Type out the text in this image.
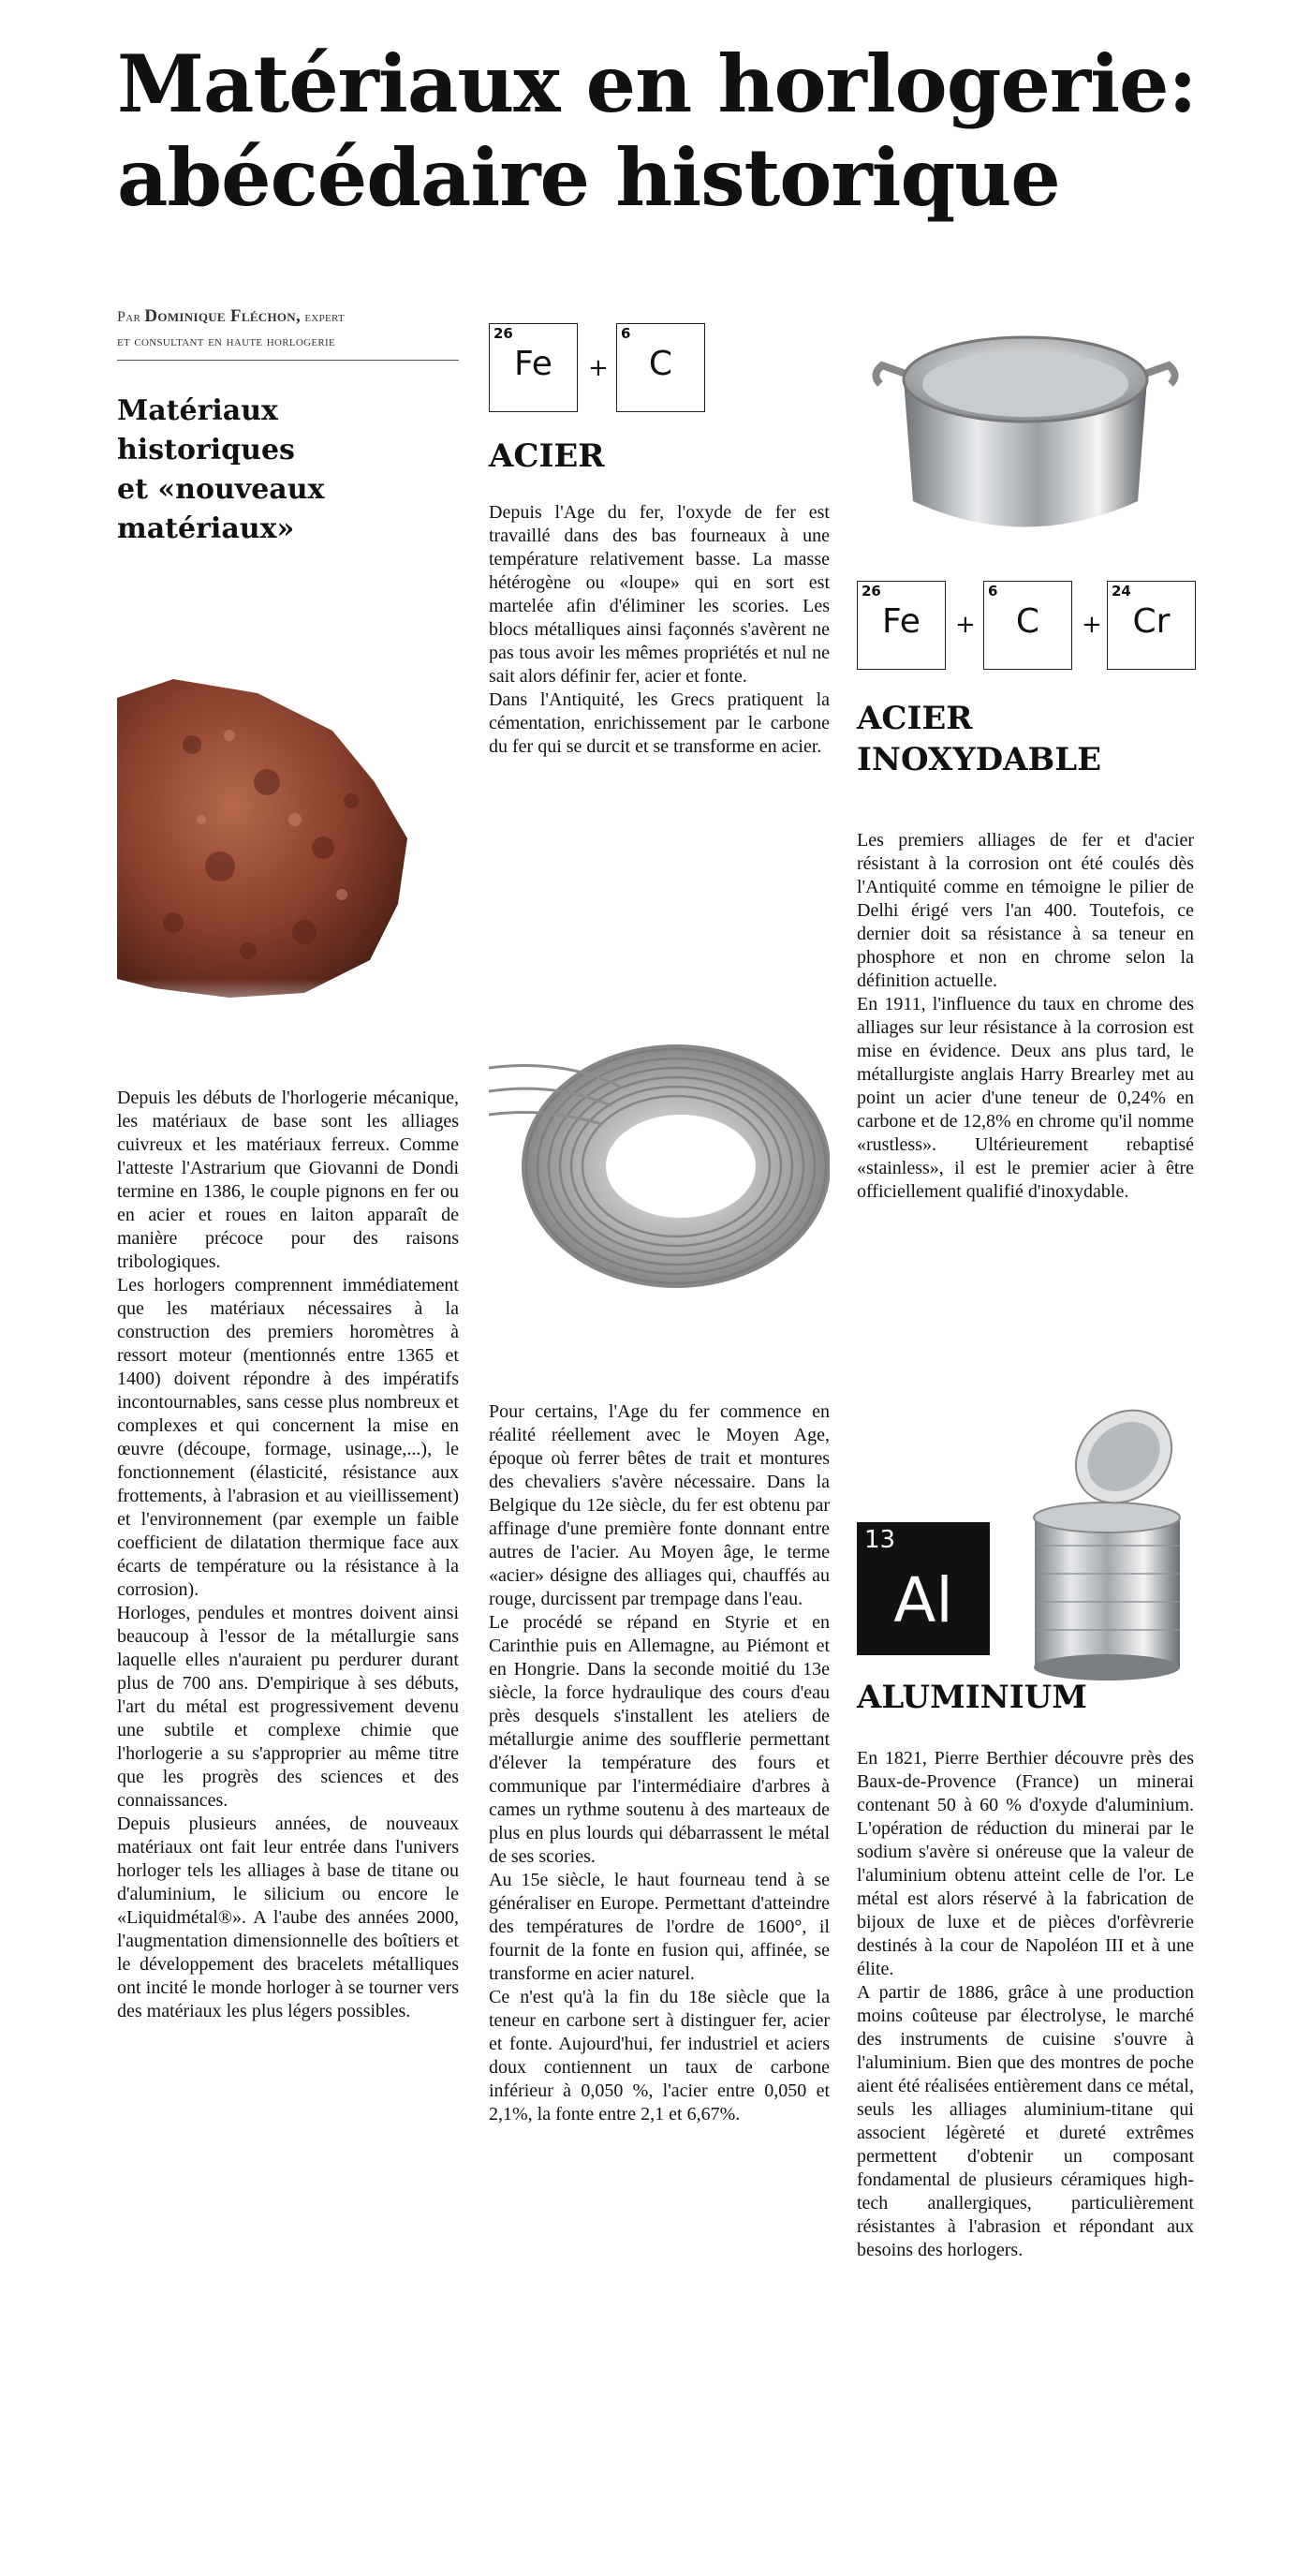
Matériaux en horlogerie:
abécédaire historique
Par Dominique Fléchon, expert
et consultant en haute horlogerie
Matériaux
historiques
et «nouveaux
matériaux»

Depuis les débuts de l'horlogerie mécanique, les matériaux de base sont les alliages cuivreux et les matériaux ferreux. Comme l'atteste l'Astrarium que Giovanni de Dondi termine en 1386, le couple pignons en fer ou en acier et roues en laiton apparaît de manière précoce pour des raisons tribologiques.

Les horlogers comprennent immédiatement que les matériaux nécessaires à la construction des premiers horomètres à ressort moteur (mentionnés entre 1365 et 1400) doivent répondre à des impératifs incontournables, sans cesse plus nombreux et complexes et qui concernent la mise en œuvre (découpe, formage, usinage,...), le fonctionnement (élasticité, résistance aux frottements, à l'abrasion et au vieillissement) et l'environnement (par exemple un faible coefficient de dilatation thermique face aux écarts de température ou la résistance à la corrosion).

Horloges, pendules et montres doivent ainsi beaucoup à l'essor de la métallurgie sans laquelle elles n'auraient pu perdurer durant plus de 700 ans. D'empirique à ses débuts, l'art du métal est progressivement devenu une subtile et complexe chimie que l'horlogerie a su s'approprier au même titre que les progrès des sciences et des connaissances.

Depuis plusieurs années, de nouveaux matériaux ont fait leur entrée dans l'univers horloger tels les alliages à base de titane ou d'aluminium, le silicium ou encore le «Liquidmétal®». A l'aube des années 2000, l'augmentation dimensionnelle des boîtiers et le développement des bracelets métalliques ont incité le monde horloger à se tourner vers des matériaux les plus légers possibles.

26
Fe	+
6
C
ACIER

Depuis l'Age du fer, l'oxyde de fer est travaillé dans des bas fourneaux à une température relativement basse. La masse hétérogène ou «loupe» qui en sort est martelée afin d'éliminer les scories. Les blocs métalliques ainsi façonnés s'avèrent ne pas tous avoir les mêmes propriétés et nul ne sait alors définir fer, acier et fonte.

Dans l'Antiquité, les Grecs pratiquent la cémentation, enrichissement par le carbone du fer qui se durcit et se transforme en acier.

Pour certains, l'Age du fer commence en réalité réellement avec le Moyen Age, époque où ferrer bêtes de trait et montures des chevaliers s'avère nécessaire. Dans la Belgique du 12e siècle, du fer est obtenu par affinage d'une première fonte donnant entre autres de l'acier. Au Moyen âge, le terme «acier» désigne des alliages qui, chauffés au rouge, durcissent par trempage dans l'eau.

Le procédé se répand en Styrie et en Carinthie puis en Allemagne, au Piémont et en Hongrie. Dans la seconde moitié du 13e siècle, la force hydraulique des cours d'eau près desquels s'installent les ateliers de métallurgie anime des soufflerie permettant d'élever la température des fours et communique par l'intermédiaire d'arbres à cames un rythme soutenu à des marteaux de plus en plus lourds qui débarrassent le métal de ses scories.

Au 15e siècle, le haut fourneau tend à se généraliser en Europe. Permettant d'atteindre des températures de l'ordre de 1600°, il fournit de la fonte en fusion qui, affinée, se transforme en acier naturel.

Ce n'est qu'à la fin du 18e siècle que la teneur en carbone sert à distinguer fer, acier et fonte. Aujourd'hui, fer industriel et aciers doux contiennent un taux de carbone inférieur à 0,050 %, l'acier entre 0,050 et 2,1%, la fonte entre 2,1 et 6,67%.

26
Fe	+
6
C	+
24
Cr
ACIER
INOXYDABLE

Les premiers alliages de fer et d'acier résistant à la corrosion ont été coulés dès l'Antiquité comme en témoigne le pilier de Delhi érigé vers l'an 400. Toutefois, ce dernier doit sa résistance à sa teneur en phosphore et non en chrome selon la définition actuelle.

En 1911, l'influence du taux en chrome des alliages sur leur résistance à la corrosion est mise en évidence. Deux ans plus tard, le métallurgiste anglais Harry Brearley met au point un acier d'une teneur de 0,24% en carbone et de 12,8% en chrome qu'il nomme «rustless». Ultérieurement rebaptisé «stainless», il est le premier acier à être officiellement qualifié d'inoxydable.

13
Al
ALUMINIUM

En 1821, Pierre Berthier découvre près des Baux-de-Provence (France) un minerai contenant 50 à 60 % d'oxyde d'aluminium. L'opération de réduction du minerai par le sodium s'avère si onéreuse que la valeur de l'aluminium obtenu atteint celle de l'or. Le métal est alors réservé à la fabrication de bijoux de luxe et de pièces d'orfèvrerie destinés à la cour de Napoléon III et à une élite.

A partir de 1886, grâce à une production moins coûteuse par électrolyse, le marché des instruments de cuisine s'ouvre à l'aluminium. Bien que des montres de poche aient été réalisées entièrement dans ce métal, seuls les alliages aluminium-titane qui associent légèreté et dureté extrêmes permettent d'obtenir un composant fondamental de plusieurs céramiques high-tech anallergiques, particulièrement résistantes à l'abrasion et répondant aux besoins des horlogers.
